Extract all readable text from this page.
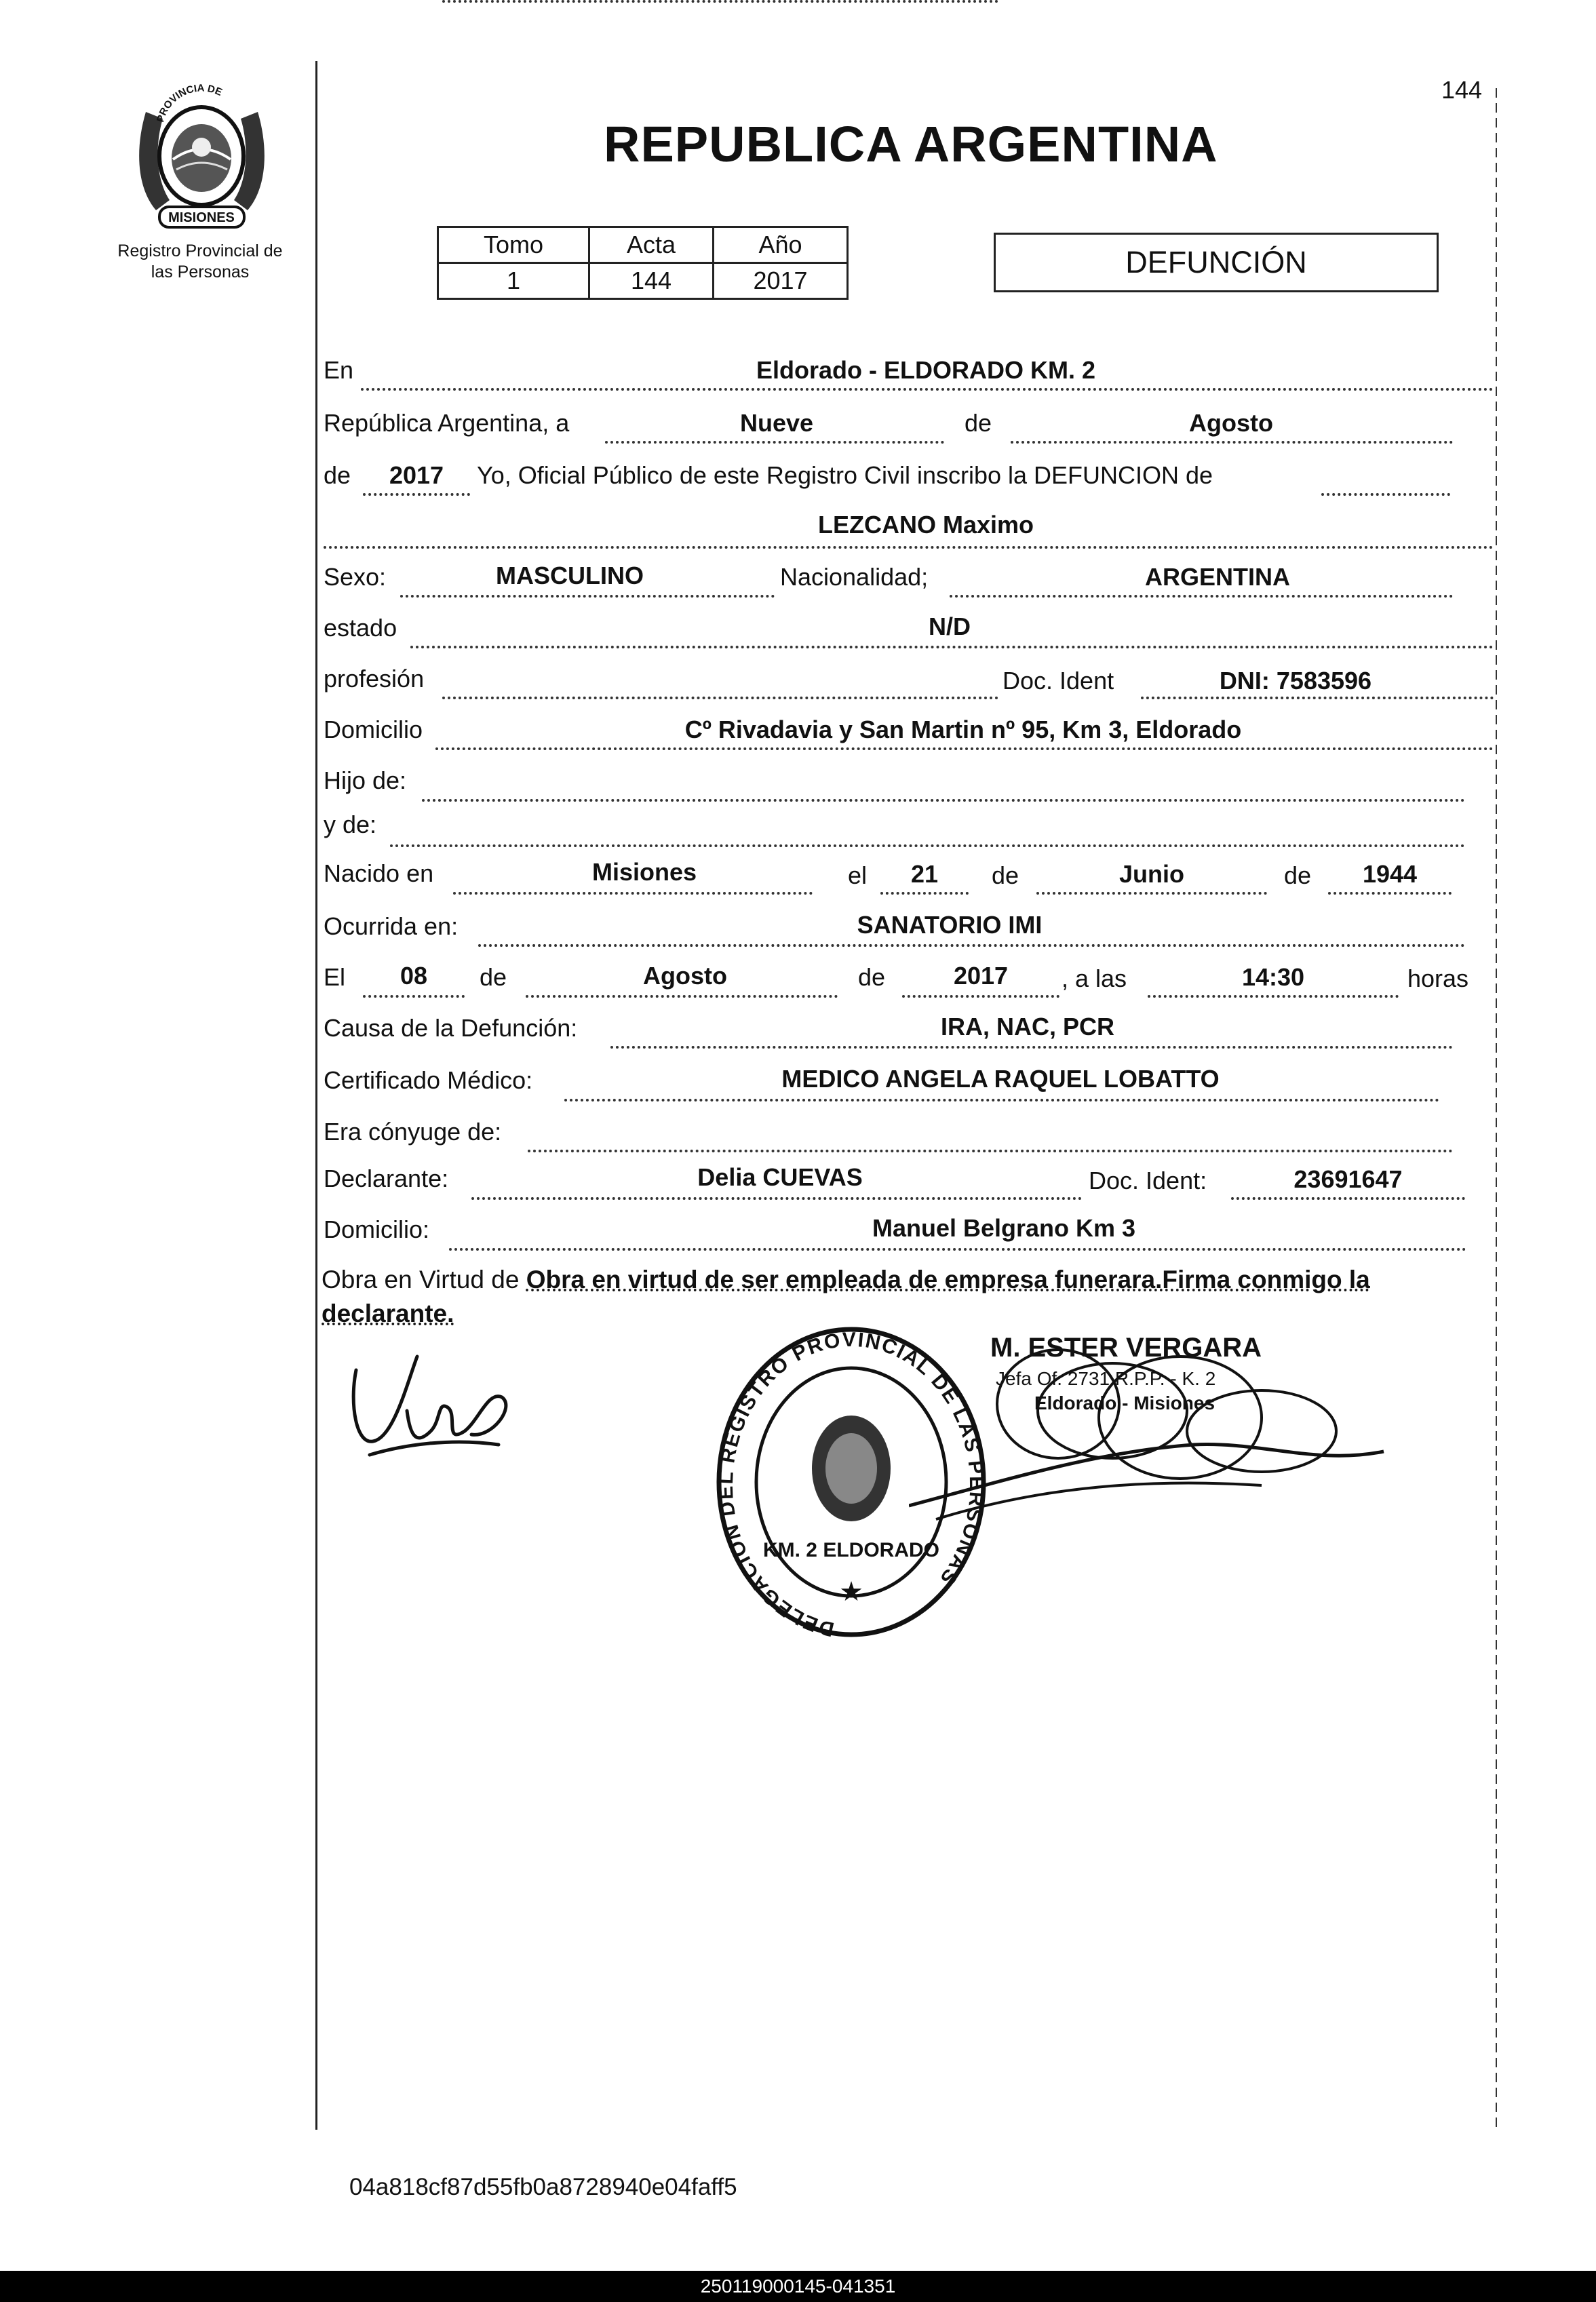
144
PROVINCIA DE
MISIONES
Registro Provincial de
las Personas
REPUBLICA ARGENTINA
Tomo	Acta	Año
1	144	2017
DEFUNCIÓN
En	Eldorado - ELDORADO KM. 2
República Argentina, a	Nueve	de	Agosto
de	2017	Yo, Oficial Público de este Registro Civil inscribo la DEFUNCION de
LEZCANO Maximo
Sexo:	MASCULINO	Nacionalidad;	ARGENTINA
estado	N/D
profesión	Doc. Ident	DNI: 7583596
Domicilio	Cº Rivadavia y San Martin nº 95, Km 3, Eldorado
Hijo de:
y de:
Nacido en	Misiones	el	21	de	Junio	de	1944
Ocurrida en:	SANATORIO IMI
El	08	de	Agosto	de	2017	, a las	14:30	horas
Causa de la Defunción:	IRA, NAC, PCR
Certificado Médico:	MEDICO ANGELA RAQUEL LOBATTO
Era cónyuge de:
Declarante:	Delia CUEVAS	Doc. Ident:	23691647
Domicilio:	Manuel Belgrano Km 3
Obra en Virtud de Obra en virtud de ser empleada de empresa funerara.Firma conmigo la declarante.
DELEGACION DEL REGISTRO PROVINCIAL DE LAS PERSONAS
KM. 2 ELDORADO
★
M. ESTER VERGARA
Jefa Of. 2731 R.P.P. - K. 2
Eldorado - Misiones
04a818cf87d55fb0a8728940e04faff5
250119000145-041351
